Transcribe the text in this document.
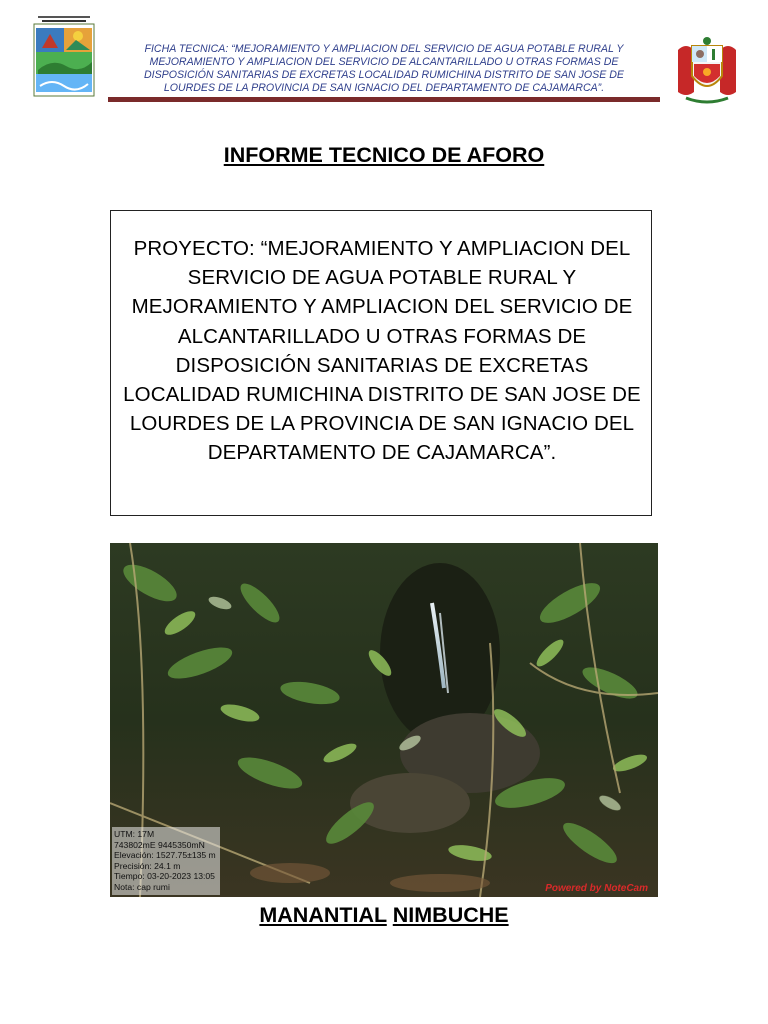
FICHA TECNICA: “MEJORAMIENTO Y AMPLIACION DEL SERVICIO DE AGUA POTABLE RURAL Y MEJORAMIENTO Y AMPLIACION DEL SERVICIO DE ALCANTARILLADO U OTRAS FORMAS DE DISPOSICIÓN SANITARIAS DE EXCRETAS LOCALIDAD RUMICHINA DISTRITO DE SAN JOSE DE LOURDES DE LA PROVINCIA DE SAN IGNACIO DEL DEPARTAMENTO DE CAJAMARCA”.
INFORME TECNICO DE AFORO
PROYECTO: “MEJORAMIENTO Y AMPLIACION DEL SERVICIO DE AGUA POTABLE RURAL Y MEJORAMIENTO Y AMPLIACION DEL SERVICIO DE ALCANTARILLADO U OTRAS FORMAS DE DISPOSICIÓN SANITARIAS DE EXCRETAS LOCALIDAD RUMICHINA DISTRITO DE SAN JOSE DE LOURDES DE LA PROVINCIA DE SAN IGNACIO DEL DEPARTAMENTO DE CAJAMARCA”.
UTM: 17M
743802mE 9445350mN
Elevación: 1527.75±135 m
Precisión: 24.1 m
Tiempo: 03-20-2023 13:05
Nota: cap rumi	Powered by NoteCam
MANANTIAL NIMBUCHE
